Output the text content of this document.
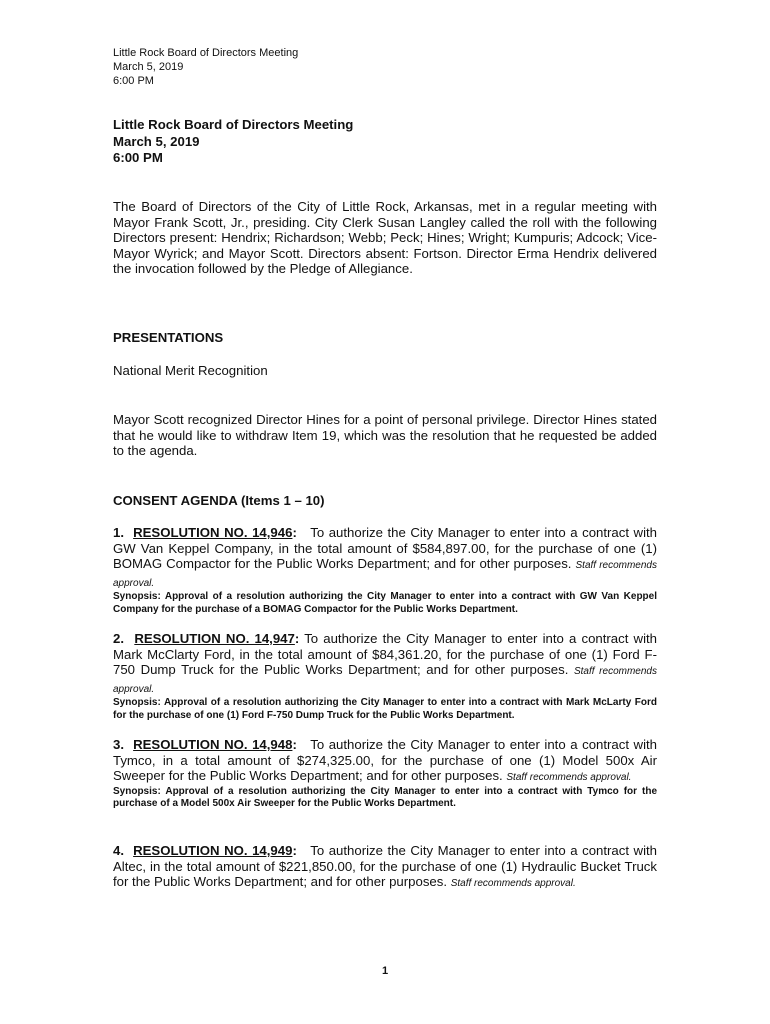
Little Rock Board of Directors Meeting
March 5, 2019
6:00 PM
Little Rock Board of Directors Meeting
March 5, 2019
6:00 PM

The Board of Directors of the City of Little Rock, Arkansas, met in a regular meeting with Mayor Frank Scott, Jr., presiding. City Clerk Susan Langley called the roll with the following Directors present: Hendrix; Richardson; Webb; Peck; Hines; Wright; Kumpuris; Adcock; Vice-Mayor Wyrick; and Mayor Scott. Directors absent: Fortson. Director Erma Hendrix delivered the invocation followed by the Pledge of Allegiance.

PRESENTATIONS
National Merit Recognition

Mayor Scott recognized Director Hines for a point of personal privilege. Director Hines stated that he would like to withdraw Item 19, which was the resolution that he requested be added to the agenda.

CONSENT AGENDA (Items 1 – 10)

1. RESOLUTION NO. 14,946: To authorize the City Manager to enter into a contract with GW Van Keppel Company, in the total amount of $584,897.00, for the purchase of one (1) BOMAG Compactor for the Public Works Department; and for other purposes. Staff recommends approval.

Synopsis: Approval of a resolution authorizing the City Manager to enter into a contract with GW Van Keppel Company for the purchase of a BOMAG Compactor for the Public Works Department.

2. RESOLUTION NO. 14,947: To authorize the City Manager to enter into a contract with Mark McClarty Ford, in the total amount of $84,361.20, for the purchase of one (1) Ford F-750 Dump Truck for the Public Works Department; and for other purposes. Staff recommends approval.

Synopsis: Approval of a resolution authorizing the City Manager to enter into a contract with Mark McLarty Ford for the purchase of one (1) Ford F-750 Dump Truck for the Public Works Department.

3. RESOLUTION NO. 14,948: To authorize the City Manager to enter into a contract with Tymco, in a total amount of $274,325.00, for the purchase of one (1) Model 500x Air Sweeper for the Public Works Department; and for other purposes. Staff recommends approval.

Synopsis: Approval of a resolution authorizing the City Manager to enter into a contract with Tymco for the purchase of a Model 500x Air Sweeper for the Public Works Department.

4. RESOLUTION NO. 14,949: To authorize the City Manager to enter into a contract with Altec, in the total amount of $221,850.00, for the purchase of one (1) Hydraulic Bucket Truck for the Public Works Department; and for other purposes. Staff recommends approval.

1
